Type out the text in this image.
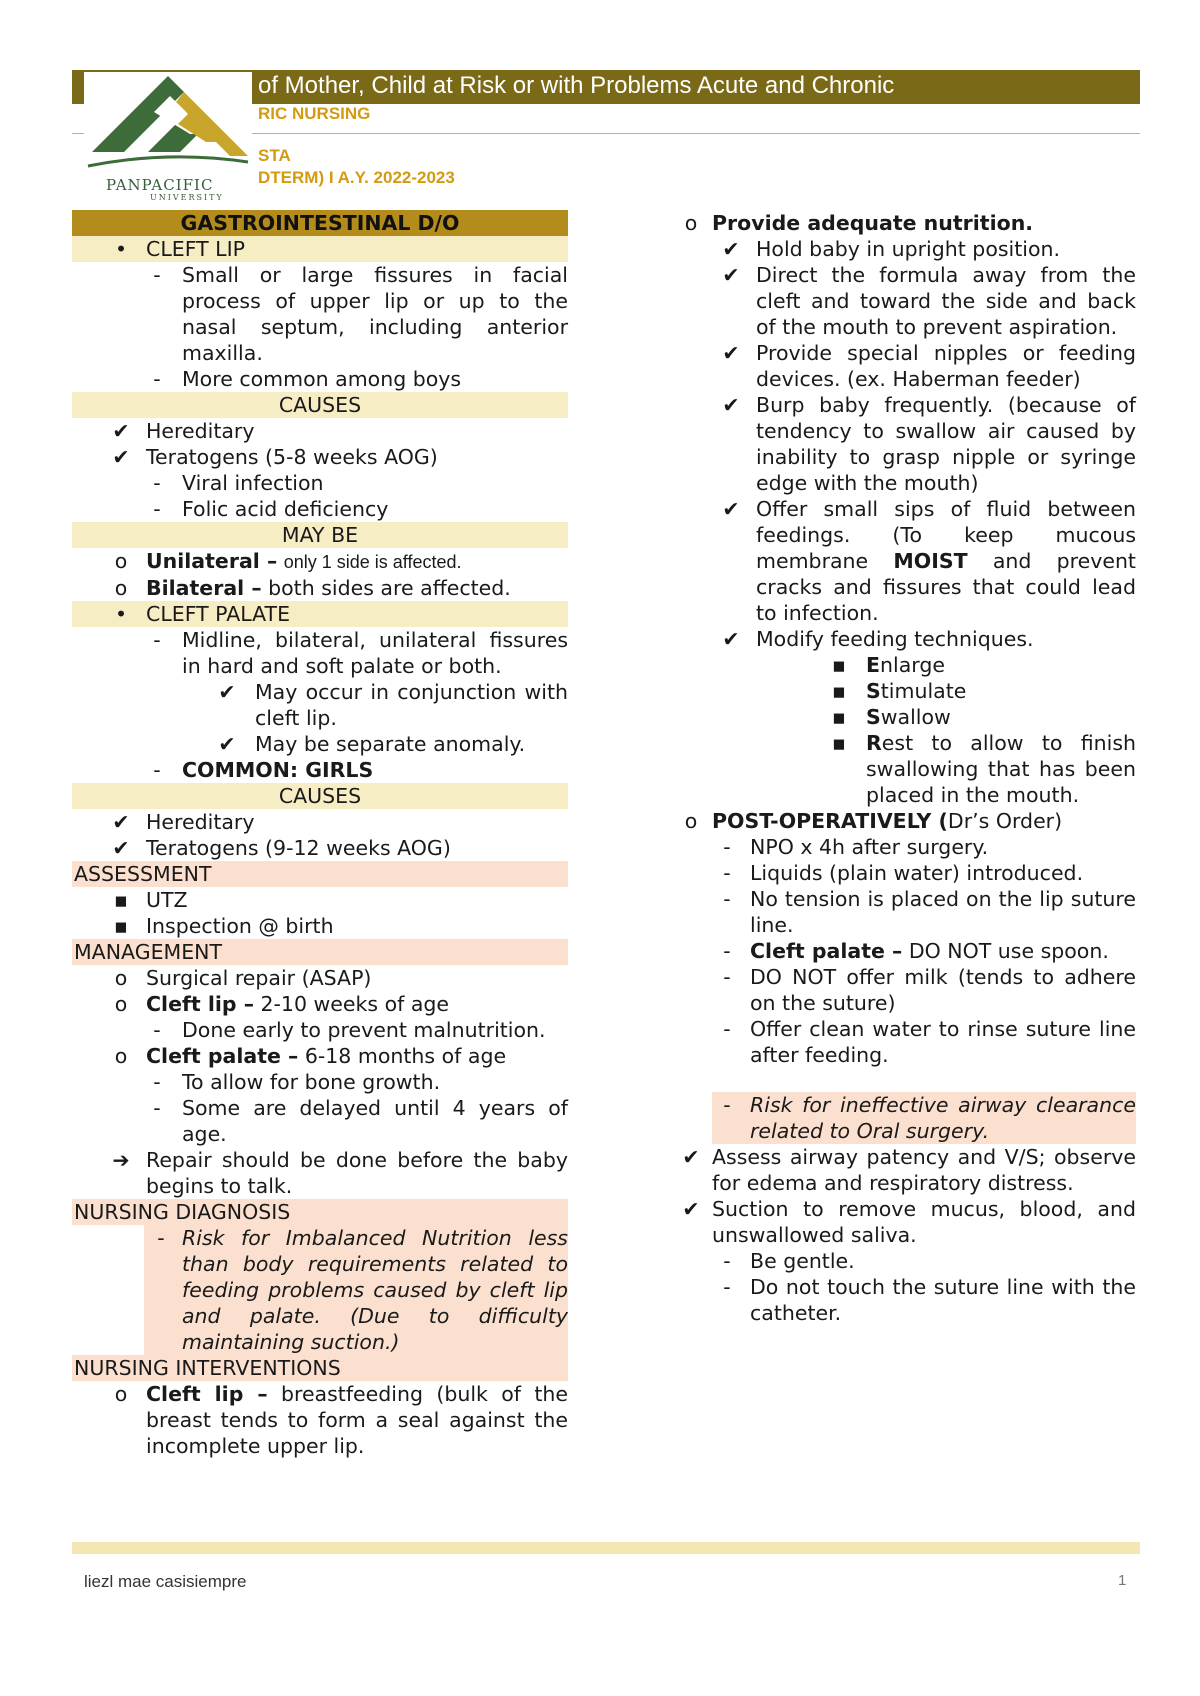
of Mother, Child at Risk or with Problems Acute and Chronic
RIC NURSING
STA
DTERM) I A.Y. 2022-2023
PANPACIFIC
UNIVERSITY
GASTROINTESTINAL D/O
• CLEFT LIP
-	Small or large fissures in facial process of upper lip or up to the nasal septum, including anterior maxilla.
-	More common among boys
CAUSES
✔ Hereditary
✔ Teratogens (5-8 weeks AOG)
-	Viral infection
-	Folic acid deficiency
MAY BE
o Unilateral – only 1 side is affected.
o Bilateral – both sides are affected.
• CLEFT PALATE
-	Midline, bilateral, unilateral fissures in hard and soft palate or both.
✔ May occur in conjunction with cleft lip.
✔ May be separate anomaly.
-	COMMON: GIRLS
CAUSES
✔ Hereditary
✔ Teratogens (9-12 weeks AOG)
ASSESSMENT
▪ UTZ
▪ Inspection @ birth
MANAGEMENT
o Surgical repair (ASAP)
o Cleft lip – 2-10 weeks of age
-	Done early to prevent malnutrition.
o Cleft palate – 6-18 months of age
-	To allow for bone growth.
-	Some are delayed until 4 years of age.
➔ Repair should be done before the baby begins to talk.
NURSING DIAGNOSIS
- Risk for Imbalanced Nutrition less than body requirements related to feeding problems caused by cleft lip and palate. (Due to difficulty maintaining suction.)
NURSING INTERVENTIONS
o Cleft lip – breastfeeding (bulk of the breast tends to form a seal against the incomplete upper lip.
o Provide adequate nutrition.
✔ Hold baby in upright position.
✔ Direct the formula away from the cleft and toward the side and back of the mouth to prevent aspiration.
✔ Provide special nipples or feeding devices. (ex. Haberman feeder)
✔ Burp baby frequently. (because of tendency to swallow air caused by inability to grasp nipple or syringe edge with the mouth)
✔ Offer small sips of fluid between feedings. (To keep mucous membrane MOIST and prevent cracks and fissures that could lead to infection.
✔ Modify feeding techniques.
▪ Enlarge
▪ Stimulate
▪ Swallow
▪ Rest to allow to finish swallowing that has been placed in the mouth.
o POST-OPERATIVELY (Dr’s Order)
- NPO x 4h after surgery.
- Liquids (plain water) introduced.
- No tension is placed on the lip suture line.
- Cleft palate – DO NOT use spoon.
- DO NOT offer milk (tends to adhere on the suture)
- Offer clean water to rinse suture line after feeding.
- Risk for ineffective airway clearance related to Oral surgery.
✔ Assess airway patency and V/S; observe for edema and respiratory distress.
✔ Suction to remove mucus, blood, and unswallowed saliva.
- Be gentle.
- Do not touch the suture line with the catheter.
liezl mae casisiempre	1
